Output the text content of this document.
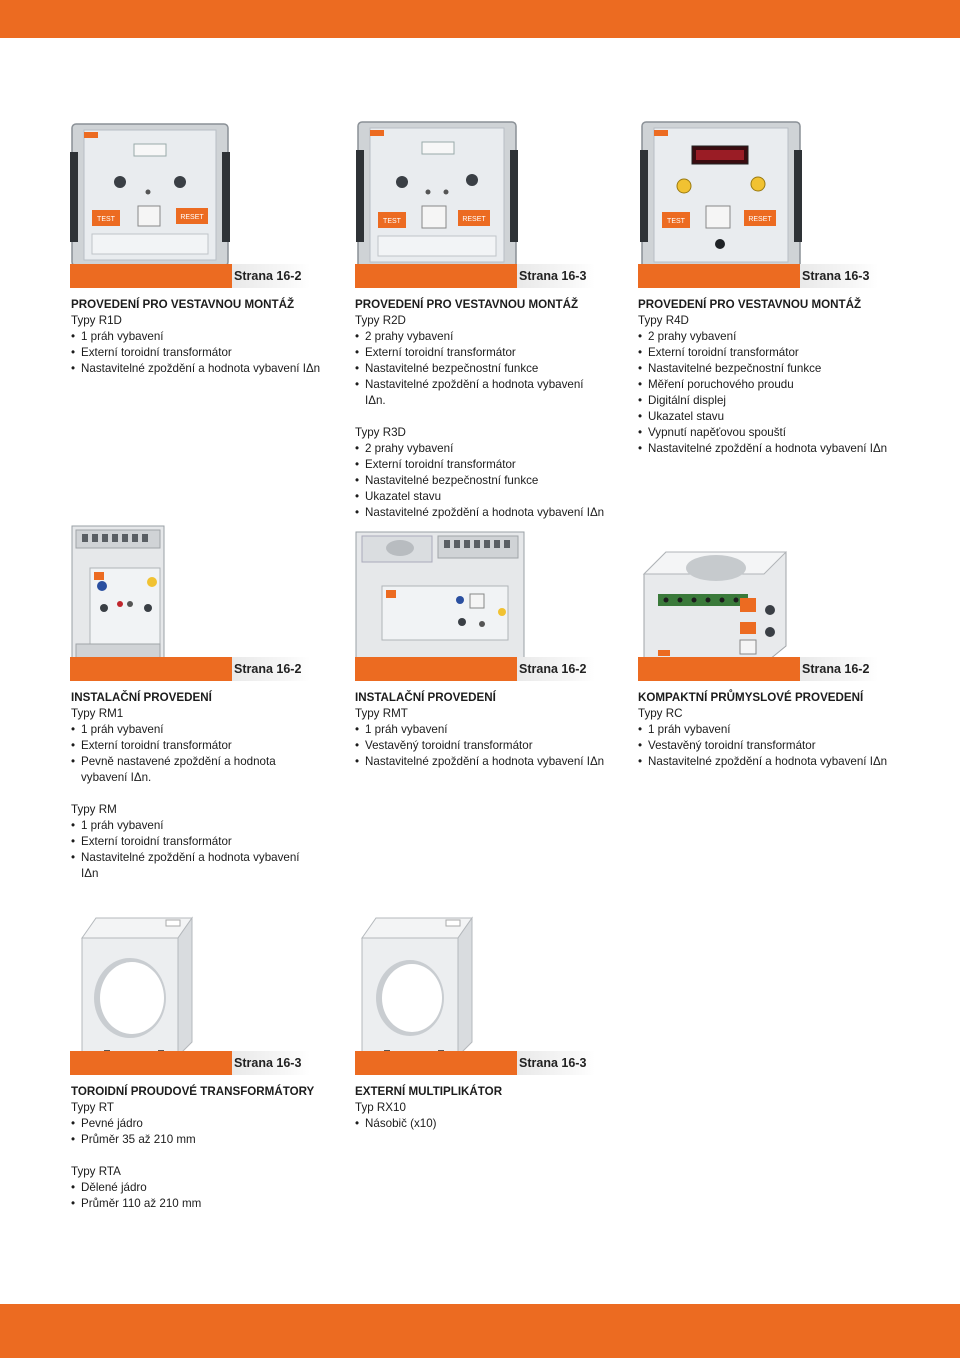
TEST	RESET
Strana 16-2
PROVEDENÍ PRO VESTAVNOU MONTÁŽ
Typy R1D
• 1 práh vybavení
• Externí toroidní transformátor
• Nastavitelné zpoždění a hodnota vybavení IΔn
TEST	RESET
Strana 16-3
PROVEDENÍ PRO VESTAVNOU MONTÁŽ
Typy R2D
• 2 prahy vybavení
• Externí toroidní transformátor
• Nastavitelné bezpečnostní funkce
• Nastavitelné zpoždění a hodnota vybavení IΔn.
Typy R3D
• 2 prahy vybavení
• Externí toroidní transformátor
• Nastavitelné bezpečnostní funkce
• Ukazatel stavu
• Nastavitelné zpoždění a hodnota vybavení IΔn
TEST	RESET
Strana 16-3
PROVEDENÍ PRO VESTAVNOU MONTÁŽ
Typy R4D
• 2 prahy vybavení
• Externí toroidní transformátor
• Nastavitelné bezpečnostní funkce
• Měření poruchového proudu
• Digitální displej
• Ukazatel stavu
• Vypnutí napěťovou spouští
• Nastavitelné zpoždění a hodnota vybavení IΔn
Strana 16-2
INSTALAČNÍ PROVEDENÍ
Typy RM1
• 1 práh vybavení
• Externí toroidní transformátor
• Pevně nastavené zpoždění a hodnota vybavení IΔn.
Typy RM
• 1 práh vybavení
• Externí toroidní transformátor
• Nastavitelné zpoždění a hodnota vybavení IΔn
Strana 16-2
INSTALAČNÍ PROVEDENÍ
Typy RMT
• 1 práh vybavení
• Vestavěný toroidní transformátor
• Nastavitelné zpoždění a hodnota vybavení IΔn
Strana 16-2
KOMPAKTNÍ PRŮMYSLOVÉ PROVEDENÍ
Typy RC
• 1 práh vybavení
• Vestavěný toroidní transformátor
• Nastavitelné zpoždění a hodnota vybavení IΔn
Strana 16-3
TOROIDNÍ PROUDOVÉ TRANSFORMÁTORY
Typy RT
• Pevné jádro
• Průměr 35 až 210 mm
Typy RTA
• Dělené jádro
• Průměr 110 až 210 mm
Strana 16-3
EXTERNÍ MULTIPLIKÁTOR
Typ RX10
• Násobič (x10)
